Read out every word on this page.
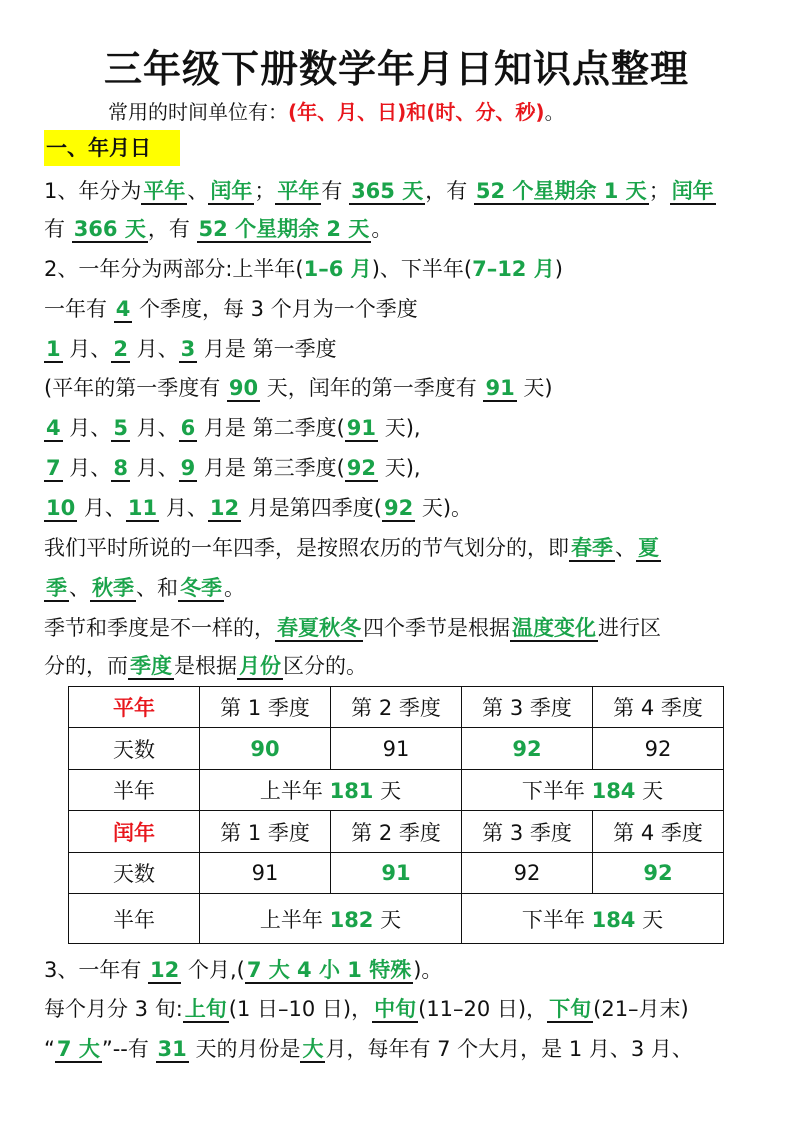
三年级下册数学年月日知识点整理
常用的时间单位有：(年、月、日)和(时、分、秒)。
一、年月日
1、年分为平年、闰年；平年有 365 天，有 52 个星期余 1 天；闰年
有 366 天，有 52 个星期余 2 天。
2、一年分为两部分:上半年(1–6 月)、下半年(7–12 月)
一年有 4 个季度，每 3 个月为一个季度
1 月、2 月、3 月是 第一季度
(平年的第一季度有 90 天，闰年的第一季度有 91 天)
4 月、5 月、6 月是 第二季度(91 天),
7 月、8 月、9 月是 第三季度(92 天),
10 月、11 月、12 月是第四季度(92 天)。
我们平时所说的一年四季，是按照农历的节气划分的，即春季、夏
季、秋季、和冬季。
季节和季度是不一样的，春夏秋冬四个季节是根据温度变化进行区
分的，而季度是根据月份区分的。
平年	第 1 季度	第 2 季度	第 3 季度	第 4 季度
天数	90	91	92	92
半年	上半年 181 天		下半年 184 天	
闰年	第 1 季度	第 2 季度	第 3 季度	第 4 季度
天数	91	91	92	92
半年	上半年 182 天		下半年 184 天	
3、一年有 12 个月,(7 大 4 小 1 特殊)。
每个月分 3 旬:上旬(1 日–10 日)，中旬(11–20 日)，下旬(21–月末)
“7 大”--有 31 天的月份是大月，每年有 7 个大月，是 1 月、3 月、
